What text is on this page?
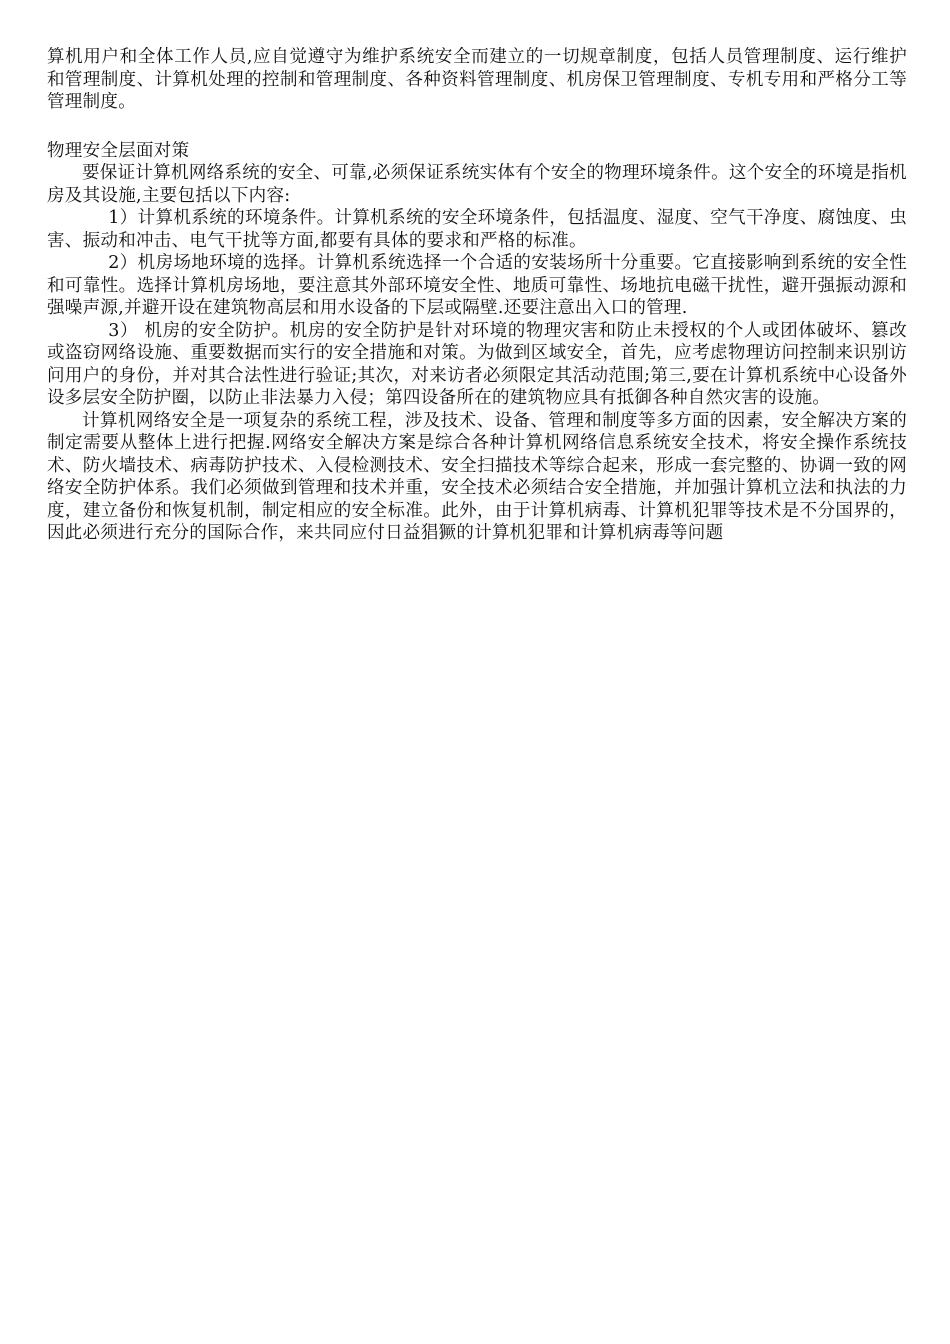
算机用户和全体工作人员,应自觉遵守为维护系统安全而建立的一切规章制度，包括人员管理制度、运行维护和管理制度、计算机处理的控制和管理制度、各种资料管理制度、机房保卫管理制度、专机专用和严格分工等管理制度。

物理安全层面对策

要保证计算机网络系统的安全、可靠,必须保证系统实体有个安全的物理环境条件。这个安全的环境是指机房及其设施,主要包括以下内容:

1）计算机系统的环境条件。计算机系统的安全环境条件，包括温度、湿度、空气干净度、腐蚀度、虫害、振动和冲击、电气干扰等方面,都要有具体的要求和严格的标准。

2）机房场地环境的选择。计算机系统选择一个合适的安装场所十分重要。它直接影响到系统的安全性和可靠性。选择计算机房场地，要注意其外部环境安全性、地质可靠性、场地抗电磁干扰性，避开强振动源和强噪声源,并避开设在建筑物高层和用水设备的下层或隔壁.还要注意出入口的管理.

3） 机房的安全防护。机房的安全防护是针对环境的物理灾害和防止未授权的个人或团体破坏、篡改或盗窃网络设施、重要数据而实行的安全措施和对策。为做到区域安全，首先，应考虑物理访问控制来识别访问用户的身份，并对其合法性进行验证;其次，对来访者必须限定其活动范围;第三,要在计算机系统中心设备外设多层安全防护圈，以防止非法暴力入侵；第四设备所在的建筑物应具有抵御各种自然灾害的设施。

计算机网络安全是一项复杂的系统工程，涉及技术、设备、管理和制度等多方面的因素，安全解决方案的制定需要从整体上进行把握.网络安全解决方案是综合各种计算机网络信息系统安全技术，将安全操作系统技术、防火墙技术、病毒防护技术、入侵检测技术、安全扫描技术等综合起来，形成一套完整的、协调一致的网络安全防护体系。我们必须做到管理和技术并重，安全技术必须结合安全措施，并加强计算机立法和执法的力度，建立备份和恢复机制，制定相应的安全标准。此外，由于计算机病毒、计算机犯罪等技术是不分国界的，因此必须进行充分的国际合作，来共同应付日益猖獗的计算机犯罪和计算机病毒等问题
